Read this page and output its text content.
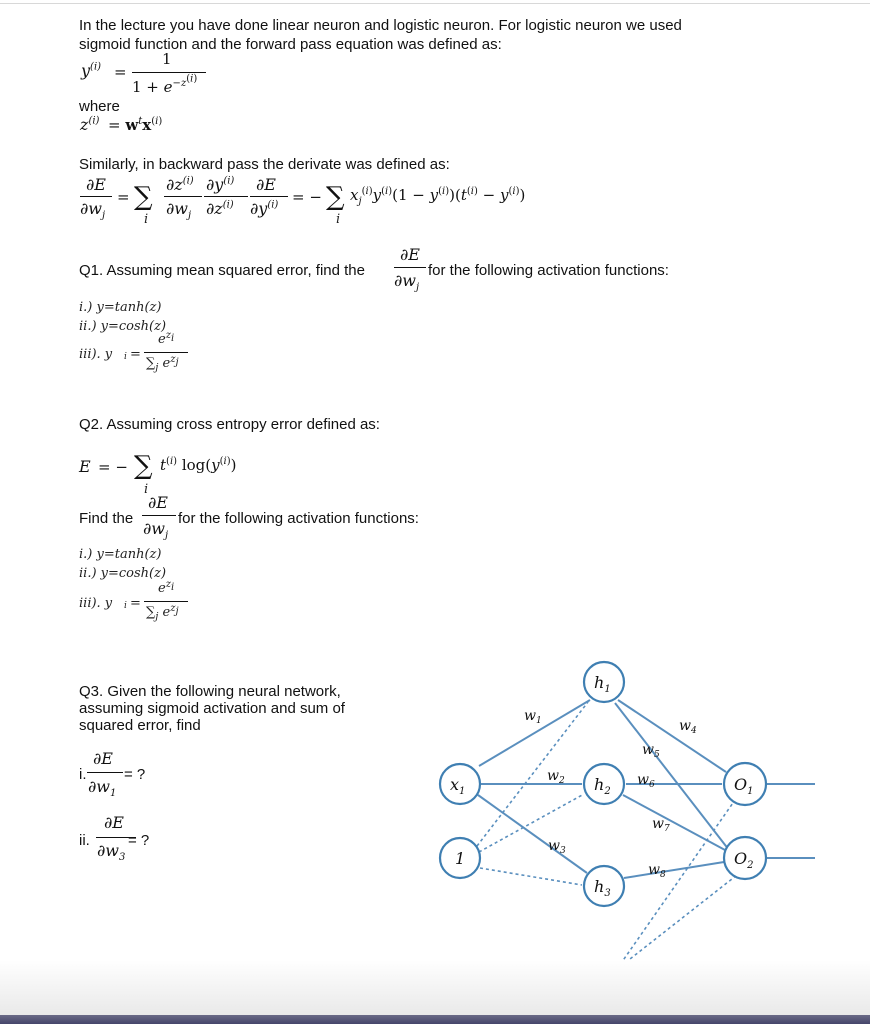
In the lecture you have done linear neuron and logistic neuron. For logistic neuron we used
sigmoid function and the forward pass equation was defined as:
$y^{(i)}$ =
1
$1 + e^{-z^{(i)}}$
where
$z^{(i)} = w^tx^{(i)}$
Similarly, in backward pass the derivate was defined as:
∂E
$\partial w_j$
= ∑
i
$\partial z^{(i)}$
$\partial w_j$
$\partial y^{(i)}$
$\partial z^{(i)}$
∂E
$\partial y^{(i)}$ = − ∑
i
$x_j^{(i)}y^{(i)}(1 - y^{(i)})(t^{(i)} - y^{(i)})$
Q1. Assuming mean squared error, find the
∂E
$\partial w_j$
for the following activation functions:
i.) y=tanh(z)
ii.) y=cosh(z)
iii). y i =
$e^{z_i}$
$\sum_j$ $e^{z_j}$
Q2. Assuming cross entropy error defined as:
E = − ∑
i
$t^{(i)}$ $\log(y^{(i)})$
Find the
∂E
$\partial w_j$
for the following activation functions:
i.) y=tanh(z)
ii.) y=cosh(z)
iii). y i =
$e^{z_i}$
$\sum_j$ $e^{z_j}$
Q3. Given the following neural network,
assuming sigmoid activation and sum of
squared error, find
i.
∂E
$\partial w_1$
= ?
ii.
∂E
$\partial w_3$
= ?
$h_1$
$h_2$
$h_3$
$x_1$
1
$O_1$
$O_2$
$w_1$
$w_2$
$w_3$
$w_4$
$w_5$
$w_6$
$w_7$
$w_8$
